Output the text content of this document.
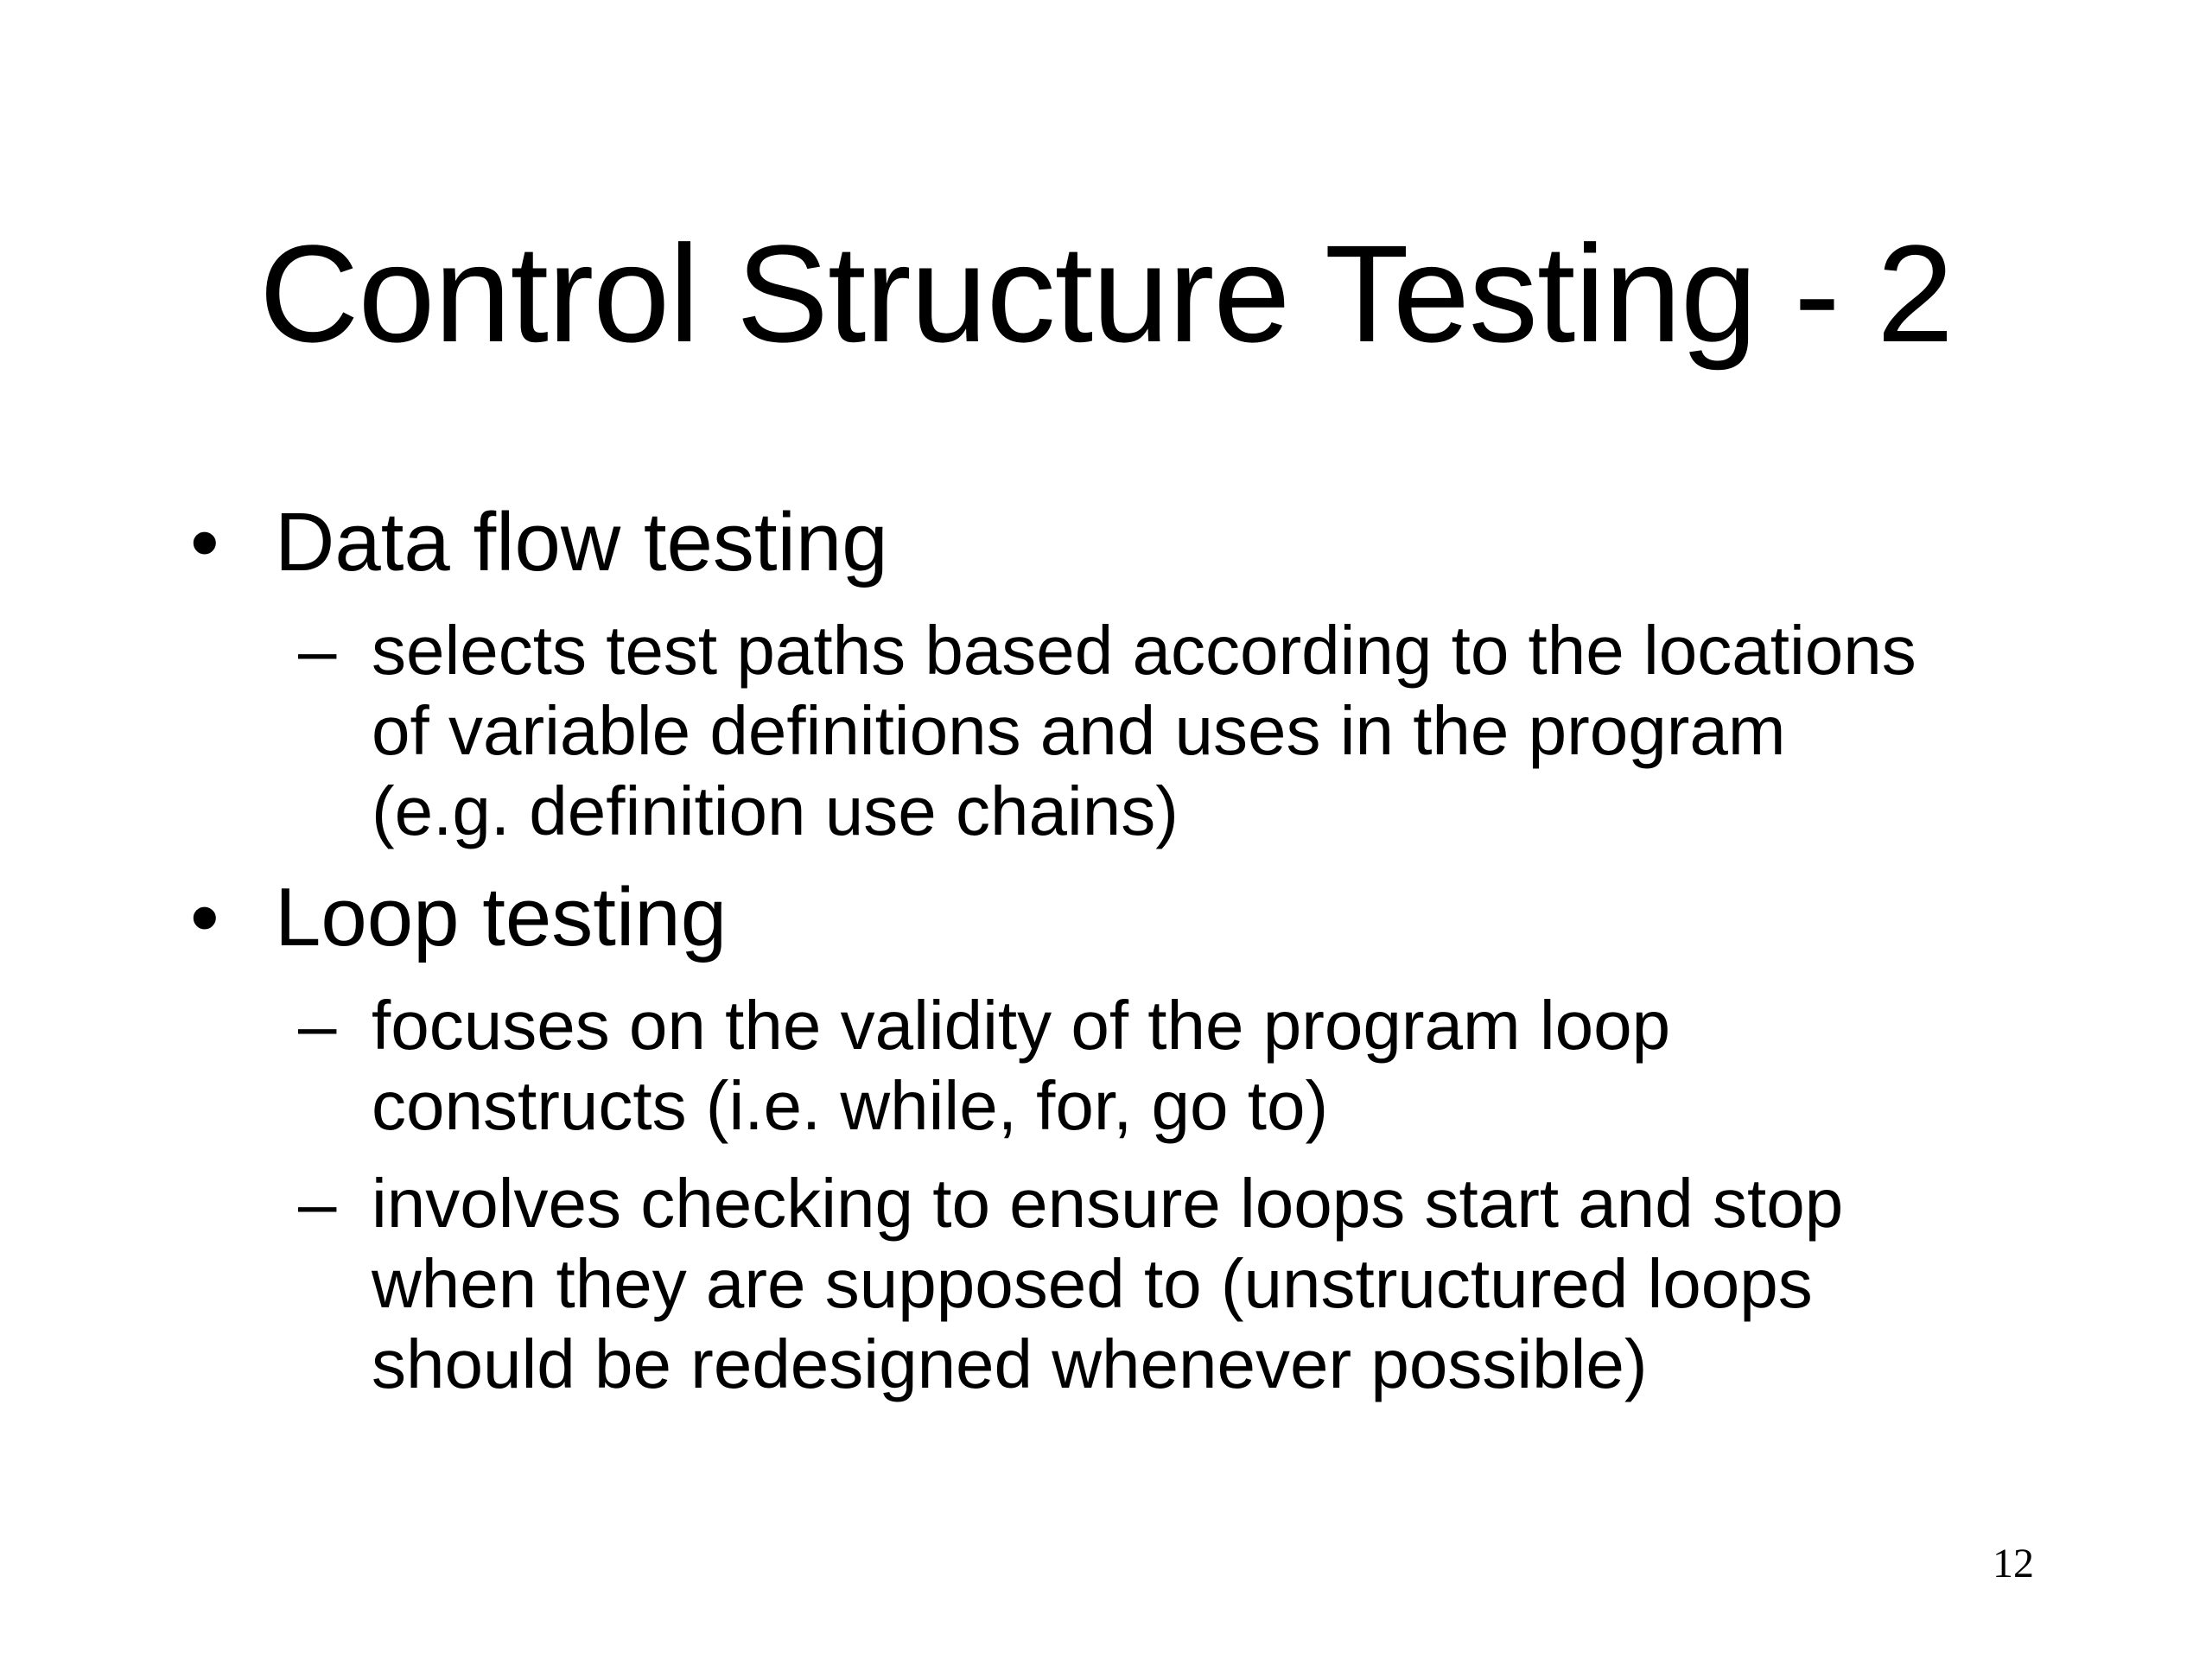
Control Structure Testing - 2
• Data flow testing
– selects test paths based according to the locations
of variable definitions and uses in the program
(e.g. definition use chains)
• Loop testing
– focuses on the validity of the program loop
constructs (i.e. while, for, go to)
– involves checking to ensure loops start and stop
when they are supposed to (unstructured loops
should be redesigned whenever possible)
12
